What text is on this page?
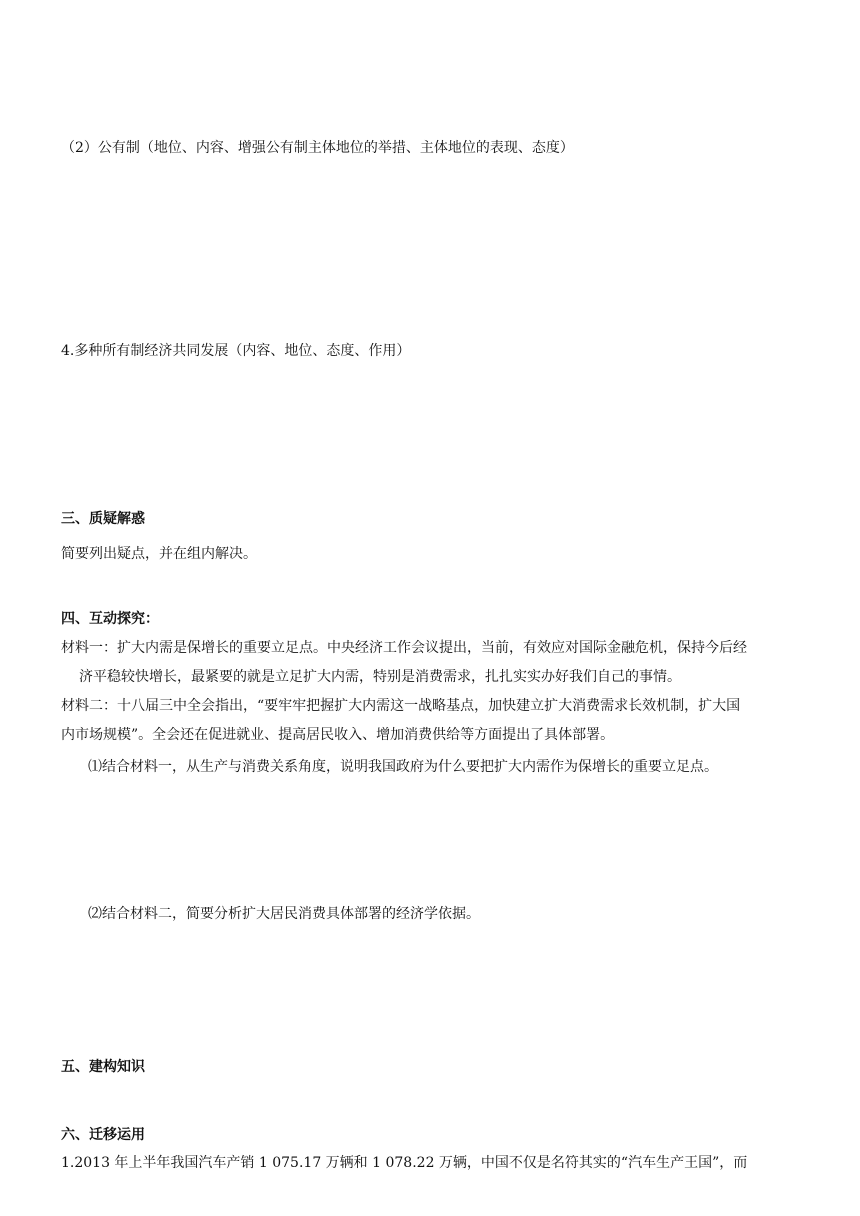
（2）公有制（地位、内容、增强公有制主体地位的举措、主体地位的表现、态度）
4.多种所有制经济共同发展（内容、地位、态度、作用）
三、质疑解惑
简要列出疑点，并在组内解决。
四、互动探究：
材料一：扩大内需是保增长的重要立足点。中央经济工作会议提出，当前，有效应对国际金融危机，保持今后经
济平稳较快增长，最紧要的就是立足扩大内需，特别是消费需求，扎扎实实办好我们自己的事情。
材料二：十八届三中全会指出，“要牢牢把握扩大内需这一战略基点，加快建立扩大消费需求长效机制，扩大国
内市场规模”。全会还在促进就业、提高居民收入、增加消费供给等方面提出了具体部署。
⑴结合材料一，从生产与消费关系角度，说明我国政府为什么要把扩大内需作为保增长的重要立足点。
⑵结合材料二，简要分析扩大居民消费具体部署的经济学依据。
五、建构知识
六、迁移运用
1.2013 年上半年我国汽车产销 1 075.17 万辆和 1 078.22 万辆，中国不仅是名符其实的“汽车生产王国”，而
